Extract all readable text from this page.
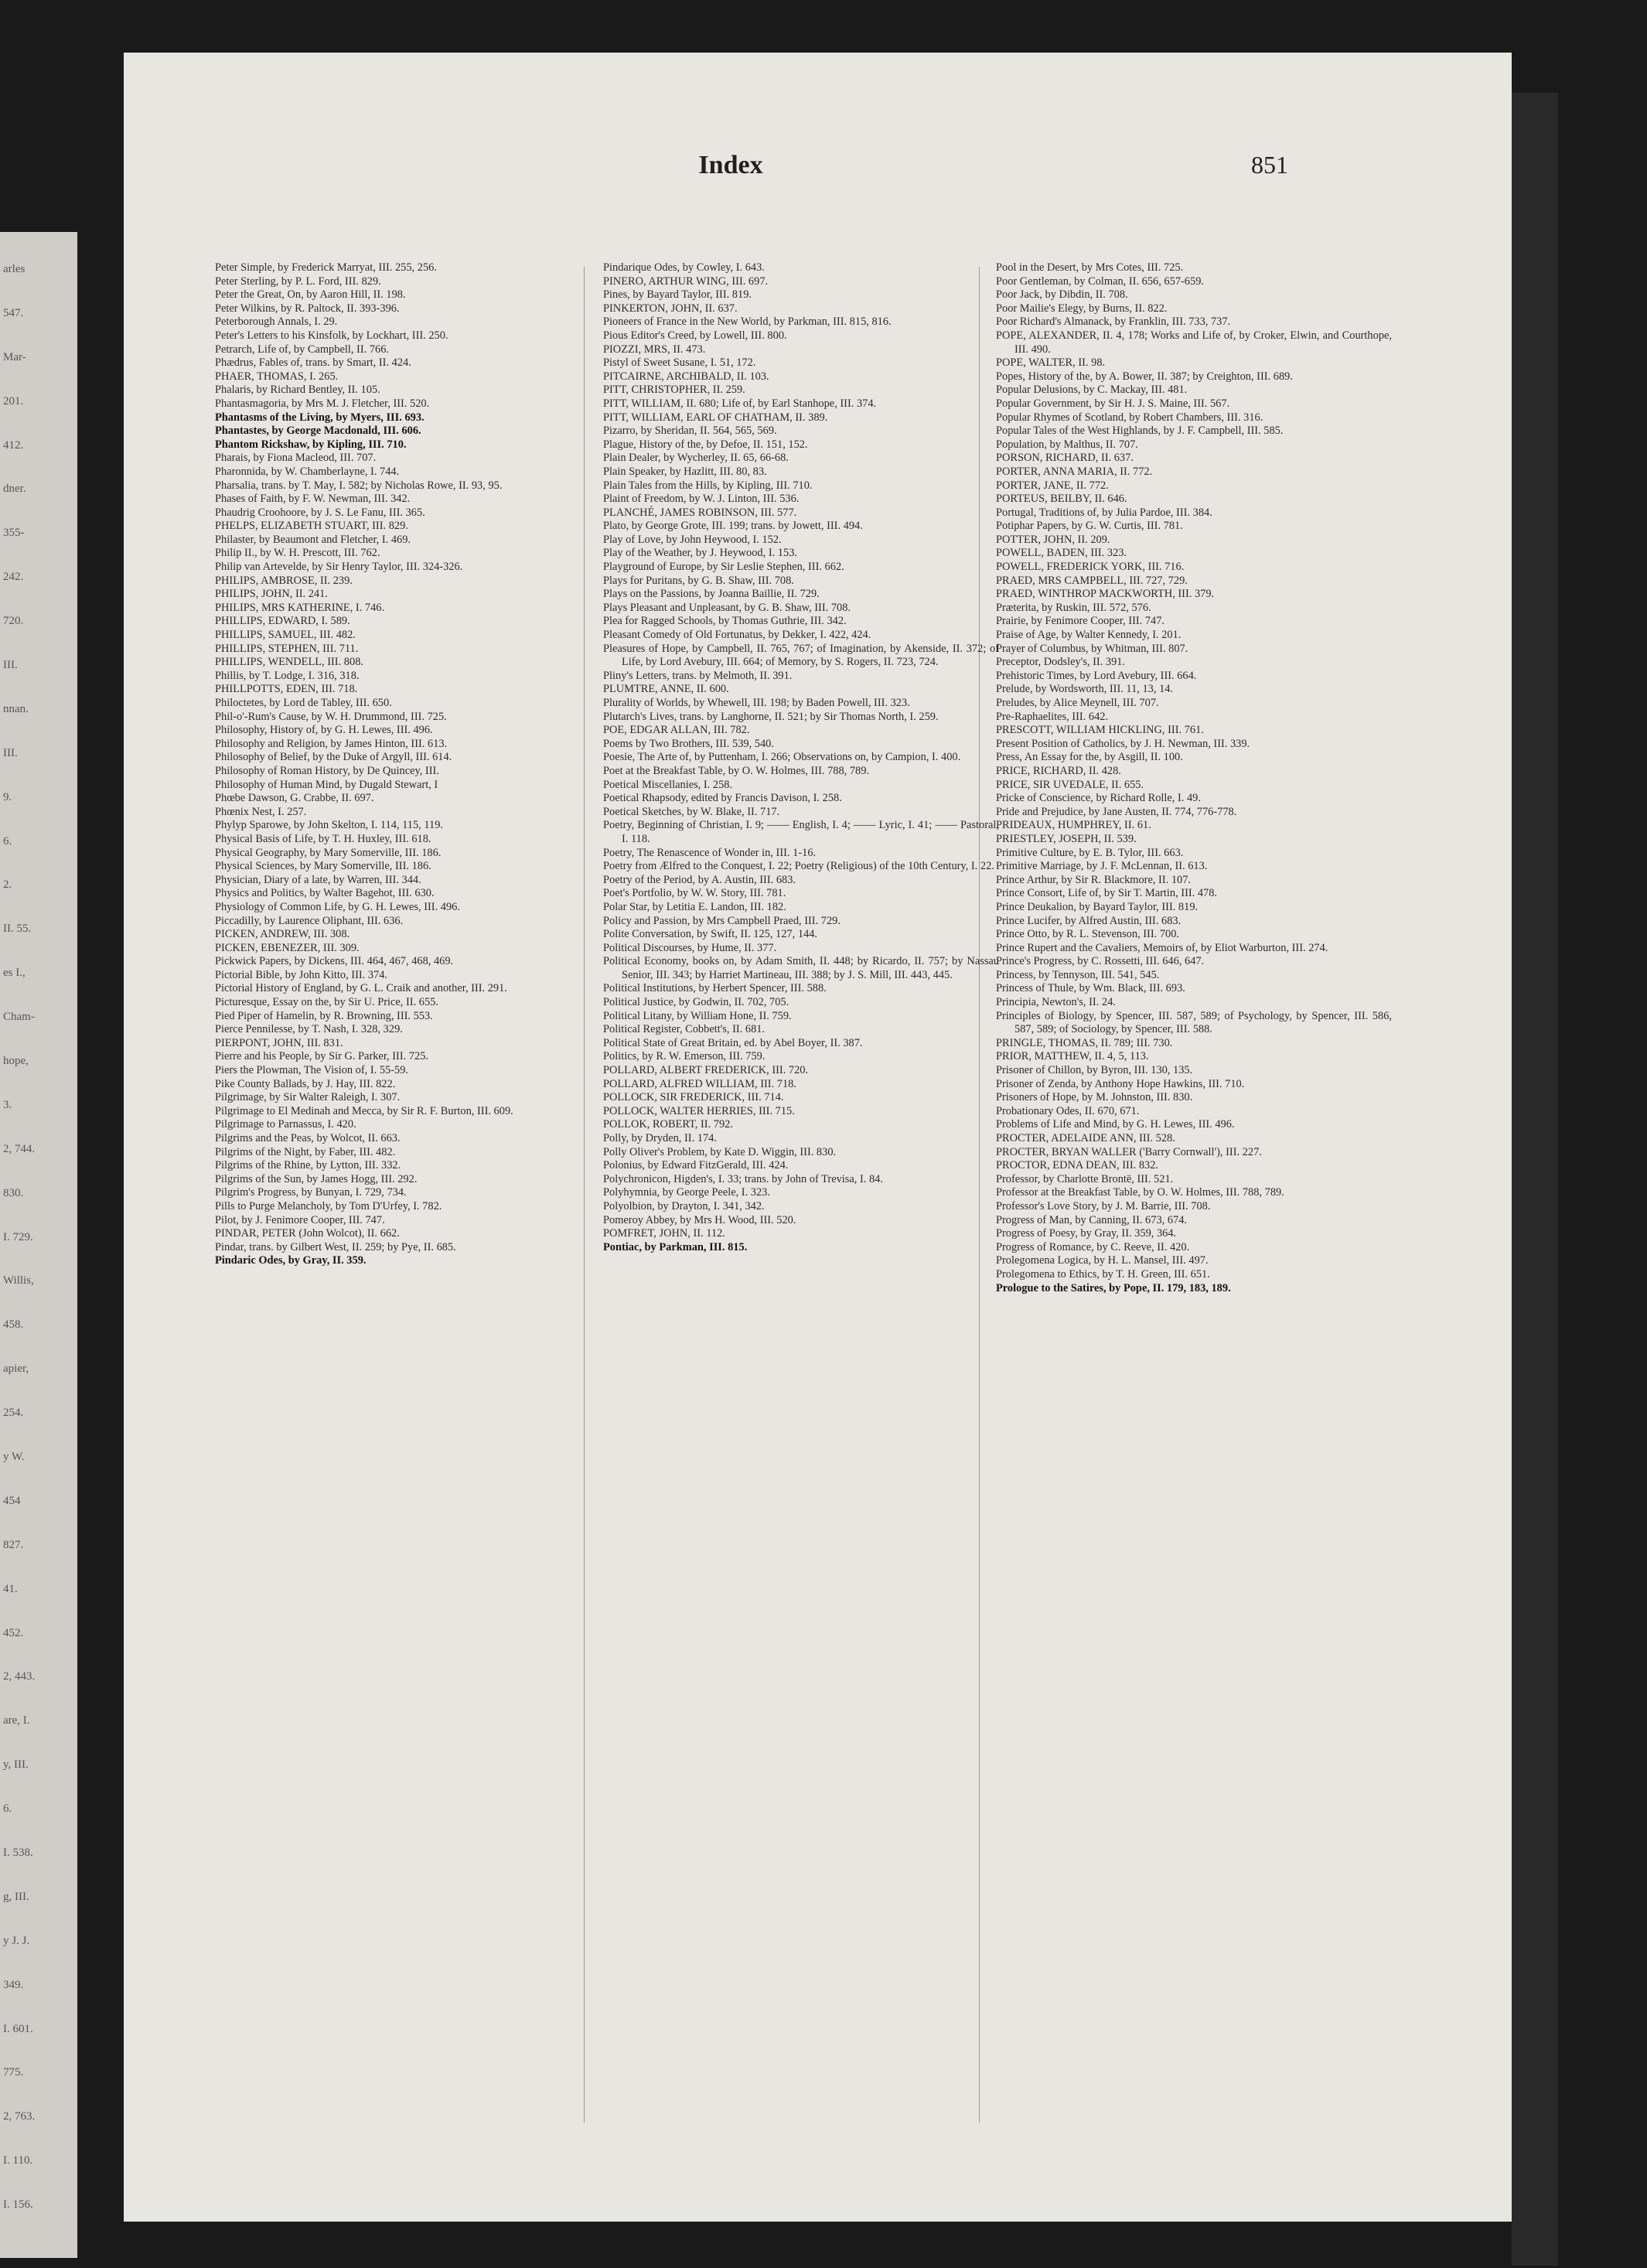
arles
547.
Mar-
201.
412.
dner.
355-
242.
720.
III.
nnan.
III.
9.
6.
2.
II. 55.
es I.,
Cham-
hope,
3.
2, 744.
830.
I. 729.
Willis,
458.
apier,
254.
y W.
454
827.
41.
452.
2, 443.
are, I.
y, III.
6.
I. 538.
g, III.
y J. J.
349.
I. 601.
775.
2, 763.
I. 110.
I. 156.
Index	851

Peter Simple, by Frederick Marryat, III. 255, 256.

Peter Sterling, by P. L. Ford, III. 829.

Peter the Great, On, by Aaron Hill, II. 198.

Peter Wilkins, by R. Paltock, II. 393-396.

Peterborough Annals, I. 29.

Peter's Letters to his Kinsfolk, by Lockhart, III. 250.

Petrarch, Life of, by Campbell, II. 766.

Phædrus, Fables of, trans. by Smart, II. 424.

PHAER, THOMAS, I. 265.

Phalaris, by Richard Bentley, II. 105.

Phantasmagoria, by Mrs M. J. Fletcher, III. 520.

Phantasms of the Living, by Myers, III. 693.

Phantastes, by George Macdonald, III. 606.

Phantom Rickshaw, by Kipling, III. 710.

Pharais, by Fiona Macleod, III. 707.

Pharonnida, by W. Chamberlayne, I. 744.

Pharsalia, trans. by T. May, I. 582; by Nicholas Rowe, II. 93, 95.

Phases of Faith, by F. W. Newman, III. 342.

Phaudrig Croohoore, by J. S. Le Fanu, III. 365.

PHELPS, ELIZABETH STUART, III. 829.

Philaster, by Beaumont and Fletcher, I. 469.

Philip II., by W. H. Prescott, III. 762.

Philip van Artevelde, by Sir Henry Taylor, III. 324-326.

PHILIPS, AMBROSE, II. 239.

PHILIPS, JOHN, II. 241.

PHILIPS, MRS KATHERINE, I. 746.

PHILLIPS, EDWARD, I. 589.

PHILLIPS, SAMUEL, III. 482.

PHILLIPS, STEPHEN, III. 711.

PHILLIPS, WENDELL, III. 808.

Phillis, by T. Lodge, I. 316, 318.

PHILLPOTTS, EDEN, III. 718.

Philoctetes, by Lord de Tabley, III. 650.

Phil-o'-Rum's Cause, by W. H. Drummond, III. 725.

Philosophy, History of, by G. H. Lewes, III. 496.

Philosophy and Religion, by James Hinton, III. 613.

Philosophy of Belief, by the Duke of Argyll, III. 614.

Philosophy of Roman History, by De Quincey, III.

Philosophy of Human Mind, by Dugald Stewart, I

Phœbe Dawson, G. Crabbe, II. 697.

Phœnix Nest, I. 257.

Phylyp Sparowe, by John Skelton, I. 114, 115, 119.

Physical Basis of Life, by T. H. Huxley, III. 618.

Physical Geography, by Mary Somerville, III. 186.

Physical Sciences, by Mary Somerville, III. 186.

Physician, Diary of a late, by Warren, III. 344.

Physics and Politics, by Walter Bagehot, III. 630.

Physiology of Common Life, by G. H. Lewes, III. 496.

Piccadilly, by Laurence Oliphant, III. 636.

PICKEN, ANDREW, III. 308.

PICKEN, EBENEZER, III. 309.

Pickwick Papers, by Dickens, III. 464, 467, 468, 469.

Pictorial Bible, by John Kitto, III. 374.

Pictorial History of England, by G. L. Craik and another, III. 291.

Picturesque, Essay on the, by Sir U. Price, II. 655.

Pied Piper of Hamelin, by R. Browning, III. 553.

Pierce Pennilesse, by T. Nash, I. 328, 329.

PIERPONT, JOHN, III. 831.

Pierre and his People, by Sir G. Parker, III. 725.

Piers the Plowman, The Vision of, I. 55-59.

Pike County Ballads, by J. Hay, III. 822.

Pilgrimage, by Sir Walter Raleigh, I. 307.

Pilgrimage to El Medinah and Mecca, by Sir R. F. Burton, III. 609.

Pilgrimage to Parnassus, I. 420.

Pilgrims and the Peas, by Wolcot, II. 663.

Pilgrims of the Night, by Faber, III. 482.

Pilgrims of the Rhine, by Lytton, III. 332.

Pilgrims of the Sun, by James Hogg, III. 292.

Pilgrim's Progress, by Bunyan, I. 729, 734.

Pills to Purge Melancholy, by Tom D'Urfey, I. 782.

Pilot, by J. Fenimore Cooper, III. 747.

PINDAR, PETER (John Wolcot), II. 662.

Pindar, trans. by Gilbert West, II. 259; by Pye, II. 685.

Pindaric Odes, by Gray, II. 359.

Pindarique Odes, by Cowley, I. 643.

PINERO, ARTHUR WING, III. 697.

Pines, by Bayard Taylor, III. 819.

PINKERTON, JOHN, II. 637.

Pioneers of France in the New World, by Parkman, III. 815, 816.

Pious Editor's Creed, by Lowell, III. 800.

PIOZZI, MRS, II. 473.

Pistyl of Sweet Susane, I. 51, 172.

PITCAIRNE, ARCHIBALD, II. 103.

PITT, CHRISTOPHER, II. 259.

PITT, WILLIAM, II. 680; Life of, by Earl Stanhope, III. 374.

PITT, WILLIAM, EARL OF CHATHAM, II. 389.

Pizarro, by Sheridan, II. 564, 565, 569.

Plague, History of the, by Defoe, II. 151, 152.

Plain Dealer, by Wycherley, II. 65, 66-68.

Plain Speaker, by Hazlitt, III. 80, 83.

Plain Tales from the Hills, by Kipling, III. 710.

Plaint of Freedom, by W. J. Linton, III. 536.

PLANCHÉ, JAMES ROBINSON, III. 577.

Plato, by George Grote, III. 199; trans. by Jowett, III. 494.

Play of Love, by John Heywood, I. 152.

Play of the Weather, by J. Heywood, I. 153.

Playground of Europe, by Sir Leslie Stephen, III. 662.

Plays for Puritans, by G. B. Shaw, III. 708.

Plays on the Passions, by Joanna Baillie, II. 729.

Plays Pleasant and Unpleasant, by G. B. Shaw, III. 708.

Plea for Ragged Schools, by Thomas Guthrie, III. 342.

Pleasant Comedy of Old Fortunatus, by Dekker, I. 422, 424.

Pleasures of Hope, by Campbell, II. 765, 767; of Imagination, by Akenside, II. 372; of Life, by Lord Avebury, III. 664; of Memory, by S. Rogers, II. 723, 724.

Pliny's Letters, trans. by Melmoth, II. 391.

PLUMTRE, ANNE, II. 600.

Plurality of Worlds, by Whewell, III. 198; by Baden Powell, III. 323.

Plutarch's Lives, trans. by Langhorne, II. 521; by Sir Thomas North, I. 259.

POE, EDGAR ALLAN, III. 782.

Poems by Two Brothers, III. 539, 540.

Poesie, The Arte of, by Puttenham, I. 266; Observations on, by Campion, I. 400.

Poet at the Breakfast Table, by O. W. Holmes, III. 788, 789.

Poetical Miscellanies, I. 258.

Poetical Rhapsody, edited by Francis Davison, I. 258.

Poetical Sketches, by W. Blake, II. 717.

Poetry, Beginning of Christian, I. 9; —— English, I. 4; —— Lyric, I. 41; —— Pastoral, I. 118.

Poetry, The Renascence of Wonder in, III. 1-16.

Poetry from Ælfred to the Conquest, I. 22; Poetry (Religious) of the 10th Century, I. 22.

Poetry of the Period, by A. Austin, III. 683.

Poet's Portfolio, by W. W. Story, III. 781.

Polar Star, by Letitia E. Landon, III. 182.

Policy and Passion, by Mrs Campbell Praed, III. 729.

Polite Conversation, by Swift, II. 125, 127, 144.

Political Discourses, by Hume, II. 377.

Political Economy, books on, by Adam Smith, II. 448; by Ricardo, II. 757; by Nassau Senior, III. 343; by Harriet Martineau, III. 388; by J. S. Mill, III. 443, 445.

Political Institutions, by Herbert Spencer, III. 588.

Political Justice, by Godwin, II. 702, 705.

Political Litany, by William Hone, II. 759.

Political Register, Cobbett's, II. 681.

Political State of Great Britain, ed. by Abel Boyer, II. 387.

Politics, by R. W. Emerson, III. 759.

POLLARD, ALBERT FREDERICK, III. 720.

POLLARD, ALFRED WILLIAM, III. 718.

POLLOCK, SIR FREDERICK, III. 714.

POLLOCK, WALTER HERRIES, III. 715.

POLLOK, ROBERT, II. 792.

Polly, by Dryden, II. 174.

Polly Oliver's Problem, by Kate D. Wiggin, III. 830.

Polonius, by Edward FitzGerald, III. 424.

Polychronicon, Higden's, I. 33; trans. by John of Trevisa, I. 84.

Polyhymnia, by George Peele, I. 323.

Polyolbion, by Drayton, I. 341, 342.

Pomeroy Abbey, by Mrs H. Wood, III. 520.

POMFRET, JOHN, II. 112.

Pontiac, by Parkman, III. 815.

Pool in the Desert, by Mrs Cotes, III. 725.

Poor Gentleman, by Colman, II. 656, 657-659.

Poor Jack, by Dibdin, II. 708.

Poor Mailie's Elegy, by Burns, II. 822.

Poor Richard's Almanack, by Franklin, III. 733, 737.

POPE, ALEXANDER, II. 4, 178; Works and Life of, by Croker, Elwin, and Courthope, III. 490.

POPE, WALTER, II. 98.

Popes, History of the, by A. Bower, II. 387; by Creighton, III. 689.

Popular Delusions, by C. Mackay, III. 481.

Popular Government, by Sir H. J. S. Maine, III. 567.

Popular Rhymes of Scotland, by Robert Chambers, III. 316.

Popular Tales of the West Highlands, by J. F. Campbell, III. 585.

Population, by Malthus, II. 707.

PORSON, RICHARD, II. 637.

PORTER, ANNA MARIA, II. 772.

PORTER, JANE, II. 772.

PORTEUS, BEILBY, II. 646.

Portugal, Traditions of, by Julia Pardoe, III. 384.

Potiphar Papers, by G. W. Curtis, III. 781.

POTTER, JOHN, II. 209.

POWELL, BADEN, III. 323.

POWELL, FREDERICK YORK, III. 716.

PRAED, MRS CAMPBELL, III. 727, 729.

PRAED, WINTHROP MACKWORTH, III. 379.

Præterita, by Ruskin, III. 572, 576.

Prairie, by Fenimore Cooper, III. 747.

Praise of Age, by Walter Kennedy, I. 201.

Prayer of Columbus, by Whitman, III. 807.

Preceptor, Dodsley's, II. 391.

Prehistoric Times, by Lord Avebury, III. 664.

Prelude, by Wordsworth, III. 11, 13, 14.

Preludes, by Alice Meynell, III. 707.

Pre-Raphaelites, III. 642.

PRESCOTT, WILLIAM HICKLING, III. 761.

Present Position of Catholics, by J. H. Newman, III. 339.

Press, An Essay for the, by Asgill, II. 100.

PRICE, RICHARD, II. 428.

PRICE, SIR UVEDALE, II. 655.

Pricke of Conscience, by Richard Rolle, I. 49.

Pride and Prejudice, by Jane Austen, II. 774, 776-778.

PRIDEAUX, HUMPHREY, II. 61.

PRIESTLEY, JOSEPH, II. 539.

Primitive Culture, by E. B. Tylor, III. 663.

Primitive Marriage, by J. F. McLennan, II. 613.

Prince Arthur, by Sir R. Blackmore, II. 107.

Prince Consort, Life of, by Sir T. Martin, III. 478.

Prince Deukalion, by Bayard Taylor, III. 819.

Prince Lucifer, by Alfred Austin, III. 683.

Prince Otto, by R. L. Stevenson, III. 700.

Prince Rupert and the Cavaliers, Memoirs of, by Eliot Warburton, III. 274.

Prince's Progress, by C. Rossetti, III. 646, 647.

Princess, by Tennyson, III. 541, 545.

Princess of Thule, by Wm. Black, III. 693.

Principia, Newton's, II. 24.

Principles of Biology, by Spencer, III. 587, 589; of Psychology, by Spencer, III. 586, 587, 589; of Sociology, by Spencer, III. 588.

PRINGLE, THOMAS, II. 789; III. 730.

PRIOR, MATTHEW, II. 4, 5, 113.

Prisoner of Chillon, by Byron, III. 130, 135.

Prisoner of Zenda, by Anthony Hope Hawkins, III. 710.

Prisoners of Hope, by M. Johnston, III. 830.

Probationary Odes, II. 670, 671.

Problems of Life and Mind, by G. H. Lewes, III. 496.

PROCTER, ADELAIDE ANN, III. 528.

PROCTER, BRYAN WALLER ('Barry Cornwall'), III. 227.

PROCTOR, EDNA DEAN, III. 832.

Professor, by Charlotte Brontë, III. 521.

Professor at the Breakfast Table, by O. W. Holmes, III. 788, 789.

Professor's Love Story, by J. M. Barrie, III. 708.

Progress of Man, by Canning, II. 673, 674.

Progress of Poesy, by Gray, II. 359, 364.

Progress of Romance, by C. Reeve, II. 420.

Prolegomena Logica, by H. L. Mansel, III. 497.

Prolegomena to Ethics, by T. H. Green, III. 651.

Prologue to the Satires, by Pope, II. 179, 183, 189.
